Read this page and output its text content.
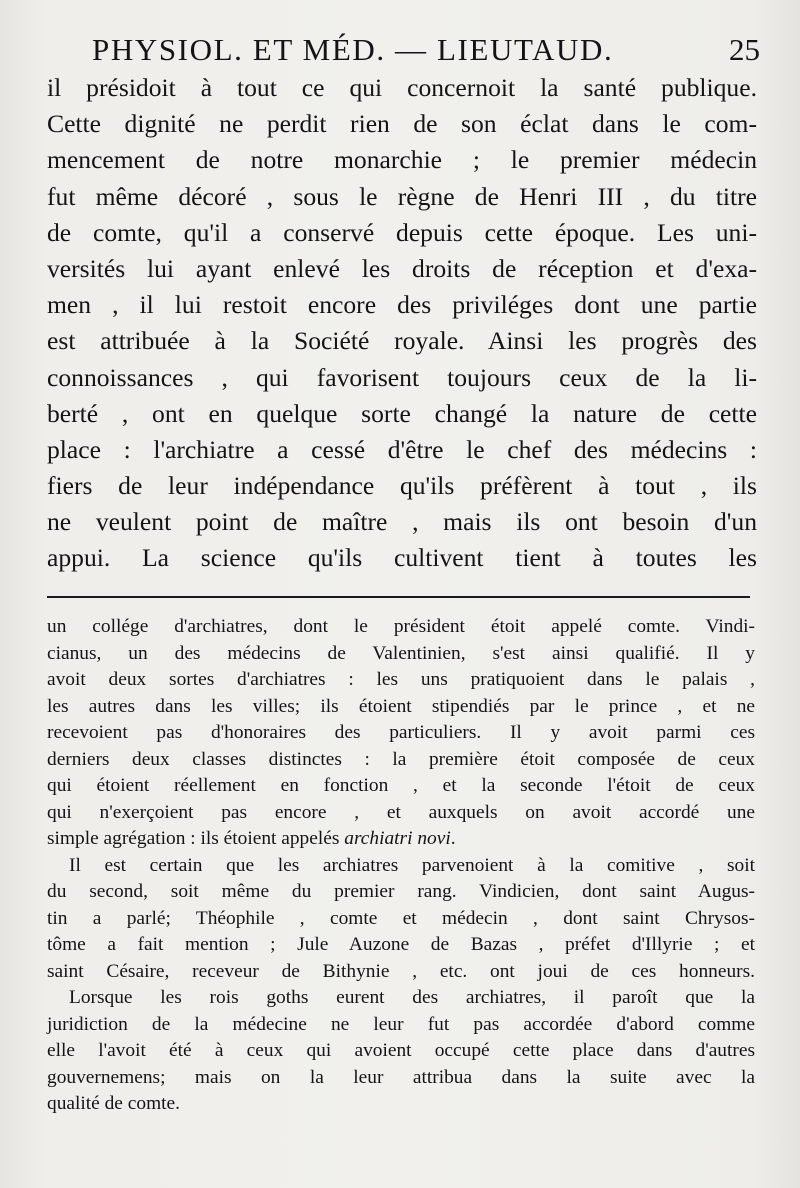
PHYSIOL. ET MÉD. — LIEUTAUD.	25
il présidoit à tout ce qui concernoit la santé publique.
Cette dignité ne perdit rien de son éclat dans le com-
mencement de notre monarchie ; le premier médecin
fut même décoré , sous le règne de Henri III , du titre
de comte, qu'il a conservé depuis cette époque. Les uni-
versités lui ayant enlevé les droits de réception et d'exa-
men , il lui restoit encore des priviléges dont une partie
est attribuée à la Société royale. Ainsi les progrès des
connoissances , qui favorisent toujours ceux de la li-
berté , ont en quelque sorte changé la nature de cette
place : l'archiatre a cessé d'être le chef des médecins :
fiers de leur indépendance qu'ils préfèrent à tout , ils
ne veulent point de maître , mais ils ont besoin d'un
appui. La science qu'ils cultivent tient à toutes les
un collége d'archiatres, dont le président étoit appelé comte. Vindi-
cianus, un des médecins de Valentinien, s'est ainsi qualifié. Il y
avoit deux sortes d'archiatres : les uns pratiquoient dans le palais ,
les autres dans les villes; ils étoient stipendiés par le prince , et ne
recevoient pas d'honoraires des particuliers. Il y avoit parmi ces
derniers deux classes distinctes : la première étoit composée de ceux
qui étoient réellement en fonction , et la seconde l'étoit de ceux
qui n'exerçoient pas encore , et auxquels on avoit accordé une
simple agrégation : ils étoient appelés archiatri novi.
Il est certain que les archiatres parvenoient à la comitive , soit
du second, soit même du premier rang. Vindicien, dont saint Augus-
tin a parlé; Théophile , comte et médecin , dont saint Chrysos-
tôme a fait mention ; Jule Auzone de Bazas , préfet d'Illyrie ; et
saint Césaire, receveur de Bithynie , etc. ont joui de ces honneurs.
Lorsque les rois goths eurent des archiatres, il paroît que la
juridiction de la médecine ne leur fut pas accordée d'abord comme
elle l'avoit été à ceux qui avoient occupé cette place dans d'autres
gouvernemens; mais on la leur attribua dans la suite avec la
qualité de comte.
